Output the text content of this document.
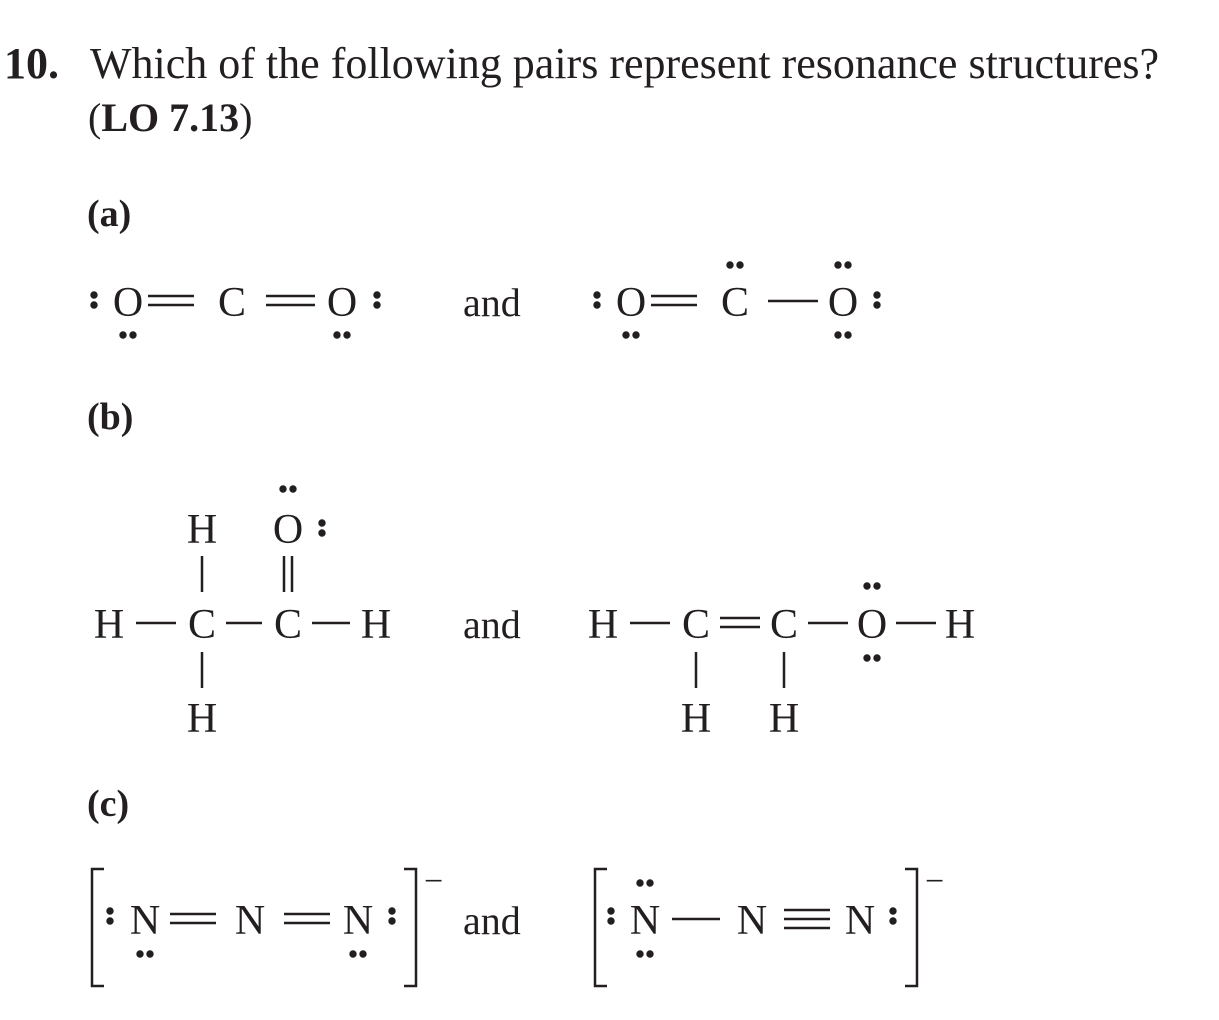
10. Which of the following pairs represent resonance structures?
(LO 7.13)
(a)
(b)
(c)
O C O	and O C O
H O
H C C H
H
and H C C O H
H H
N N N
−
and	N N N
−
